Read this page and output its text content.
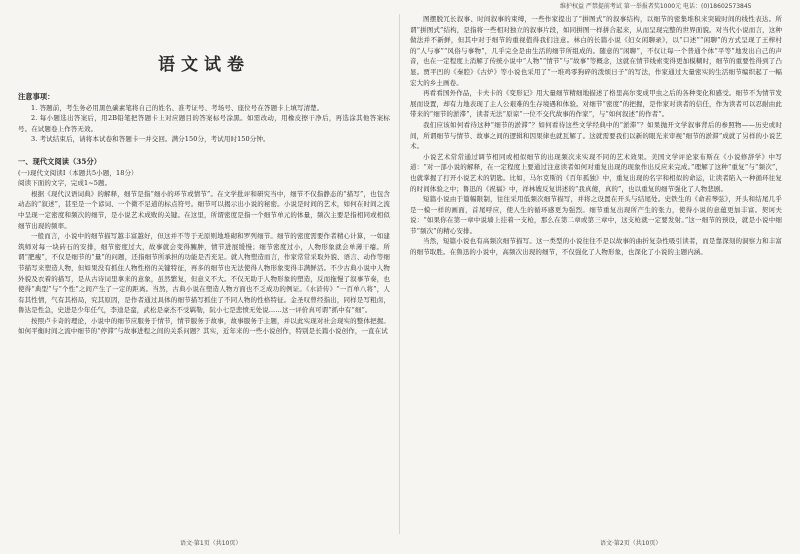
维护权益 严禁提前考试 第一举报者奖1000元 电话：(0)18602573845
语文试卷
注意事项：

1. 答题前，考生务必用黑色碳素笔将自己的姓名、准考证号、考场号、座位号在答题卡上填写清楚。

2. 每小题选出答案后，用2B铅笔把答题卡上对应题目的答案标号涂黑。如需改动，用橡皮擦干净后，再选涂其他答案标号。在试题卷上作答无效。

3. 考试结束后，请将本试卷和答题卡一并交回。满分150分，考试用时150分钟。

一、现代文阅读（35分）

(一)现代文阅读Ⅰ（本题共5小题，18分）

阅读下面的文字，完成1~5题。

根据《现代汉语词典》的解释，细节是指“细小的环节或情节”。在文学批评和研究当中，细节不仅指静态的“描写”，也包含动态的“叙述”，甚至是一个谚词、一个微不足道的标点符号。细节可以揭示出小说的秘密。小说是时间的艺术，如何在时间之流中呈现一定密度和频次的细节，是小说艺术成败的关键。在这里，所谓密度是指一个细节单元的体量，频次主要是指相同或相似细节出现的频率。

一般而言，小说中的细节描写越丰富越好，但这并不等于无原则地堆砌和罗列细节。细节的密度需要作者精心计算，一如建筑师对每一块砖石的安排，细节密度过大，故事就会变得臃肿，情节进展缓慢；细节密度过小，人物形象就会单薄干瘪。所谓“肥瘦”，不仅是细节的“量”的问题，还指细节所承担的功能是否充足。就人物塑造而言，作家常常采取外貌、语言、动作等细节描写来塑造人物，但如果没有抓住人物性格的关键特征，再多的细节也无法使得人物形象变得丰满鲜活。不少古典小说中人物外貌及衣着的描写，是从古诗词里拿来的意象，虽然繁复，但意义不大。不仅无助于人物形象的塑造，反而拖慢了叙事节奏，也使得“典型”与“个性”之间产生了一定的距离。当然，古典小说在塑造人物方面也不乏成功的例证。《水浒传》“一百单八将”，人有其性情，气有其格局，究其原因，是作者通过具体的细节描写抓住了不同人物的性格特征。金圣叹曾经指出，同样是写粗卤，鲁达是性急，史进是少年任气，李逵是蛮，武松是豪杰不受羁勒，阮小七是悲愤无处说……这一评价真可谓“抓中有“细”。

按照卢卡奇的理论，小说中的细节应服务于情节，情节服务于故事，故事服务于主题，并以此实现对社会现实的整体把握。如何平衡时间之流中细节的“停滞”与故事进程之间的关系问题？其实，近年来的一些小说创作，特别是长篇小说创作，一直在试

图摆脱冗长叙事、时间叙事的束缚，一些作家提出了“拼图式”的叙事结构，以细节的密集堆积来突破时间的线性表达。所谓“拼图式”结构，是指将一些相对独立的叙事片段，如同拼图一样拼合起来，从而呈现完整的世界面貌。对当代小说而言，这种做法并不新鲜，但其中对于细节的重视值得我们注意。林白的长篇小说《妇女闲聊录》，以“口述”“闲聊”的方式呈现了王榨村的“人与事”“风俗与事物”，几乎完全是由生活的细节所组成的。随意的“闲聊”，不仅让每一个普通个体“平等”地发出自己的声音，也在一定程度上消解了传统小说中“人物”“情节”与“故事”等概念，这就在情节线索变得更加模糊时，细节的重要性得到了凸显。贾平凹的《秦腔》《古炉》等小说也采用了“一堆鸡零狗碎的泼烦日子”的写法，作家通过大量密实的生活细节编织起了一幅宏大的乡土画卷。

再看看国外作品，卡夫卡的《变形记》用大量细节精细地描述了格里高尔变成甲虫之后的各种变化和感受。细节不为情节发展而设置，却有力地表现了主人公艰难的生存境遇和体验。对细节“密度”的把握，是作家对读者的信任，作为读者可以忍耐由此带来的“细节的淤滞”，读者无法“原谅“一位不交代故事的作家”，与“如何叙述”的作者”。

我们应该如何看待这种“细节的淤滞”？如何看待这些文学经典中的“淤滞”？如果抛开文学叙事背后的参照物——历史或时间，所谓细节与情节、故事之间的逻辑和因果律也就瓦解了。这就需要我们以新的眼光来审视“细节的淤滞”成就了另样的小说艺术。

小说艺术常常通过调节相同或相似细节的出现频次来实现不同的艺术效果。美国文学评论家布斯在《小说修辞学》中写道：“对一部小说的解释，在一定程度上要通过注意读者如何对重复出现的现象作出反应来完成。”理解了这种“重复”与“频次”，也就掌握了打开小说艺术的钥匙。比如，马尔克斯的《百年孤独》中，重复出现的名字和相似的命运，让读者陷入一种循环往复的时间体验之中；鲁迅的《祝福》中，祥林嫂反复讲述的“我真傻，真的”，也以重复的细节强化了人物悲剧。

短篇小说由于篇幅限制，往往采用低频次细节描写，并将之设置在开头与结尾处。史铁生的《命若琴弦》，开头和结尾几乎是一模一样的画面，首尾呼应，使人生的循环感更为强烈。细节重复出现所产生的张力，使得小说的意蕴更加丰富。契诃夫说：“如果你在第一章中说墙上挂着一支枪，那么在第二章或第三章中，这支枪就一定要发射。”这一细节的预设，就是小说中细节“频次”的精心安排。

当然，短篇小说也有高频次细节描写。这一类型的小说往往不是以故事的曲折复杂性吸引读者，而是靠深刻的洞察力和丰富的细节取胜。在鲁迅的小说中，高频次出现的细节，不仅强化了人物形象，也深化了小说的主题内涵。

语文·第1页（共10页）	语文·第2页（共10页）
